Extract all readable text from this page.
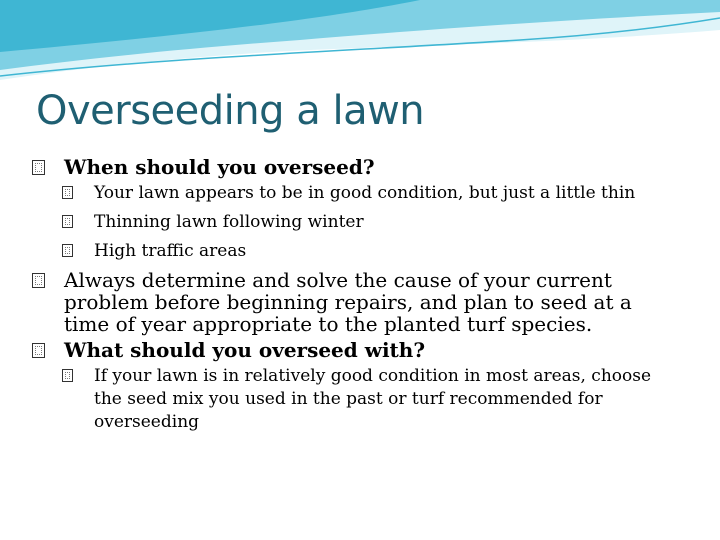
Overseeding a lawn
When should you overseed?
Your lawn appears to be in good condition, but just a little thin
Thinning lawn following winter
High traffic areas
Always determine and solve the cause of your current problem before beginning repairs, and plan to seed at a time of year appropriate to the planted turf species.
What should you overseed with?
If your lawn is in relatively good condition in most areas, choose the seed mix you used in the past or turf recommended for overseeding
